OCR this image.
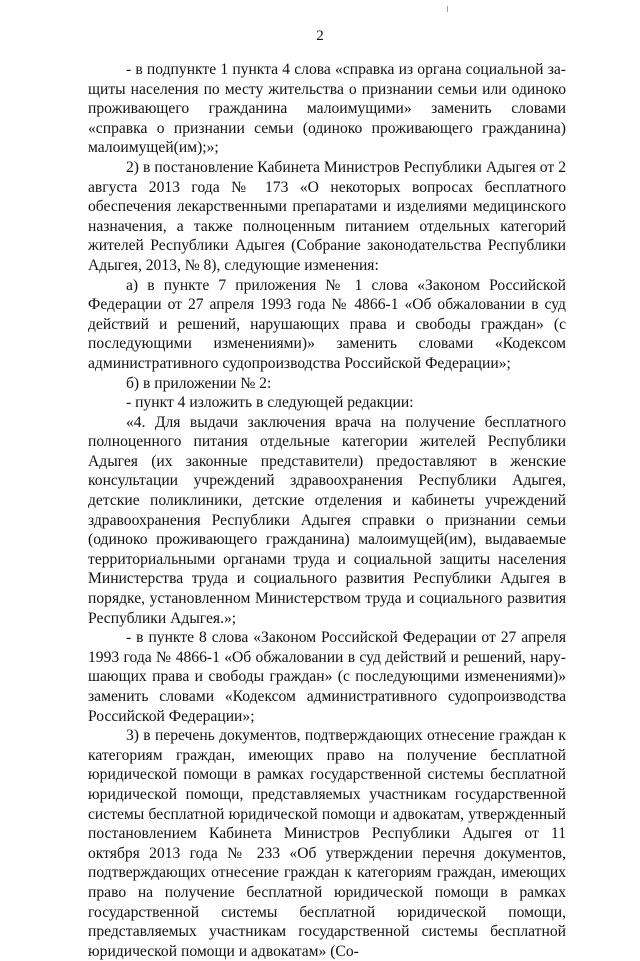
2

- в подпункте 1 пункта 4 слова «справка из органа социальной защиты населения по месту жительства о признании семьи или одиноко проживающего гражданина малоимущими» заменить словами «справка о признании семьи (одиноко проживающего гражданина) малоимущей(им);»;

2) в постановление Кабинета Министров Республики Адыгея от 2 августа 2013 года № 173 «О некоторых вопросах бесплатного обеспечения лекарственными препаратами и изделиями медицинского назначения, а также полноценным питанием отдельных категорий жителей Республики Адыгея (Собрание законодательства Республики Адыгея, 2013, № 8), следующие изменения:

а) в пункте 7 приложения № 1 слова «Законом Российской Федерации от 27 апреля 1993 года № 4866-1 «Об обжаловании в суд действий и решений, нарушающих права и свободы граждан» (с последующими изменениями)» заменить словами «Кодексом административного судопроизводства Российской Федерации»;

б) в приложении № 2:

- пункт 4 изложить в следующей редакции:

«4. Для выдачи заключения врача на получение бесплатного полноценного питания отдельные категории жителей Республики Адыгея (их законные представители) предоставляют в женские консультации учреждений здравоохранения Республики Адыгея, детские поликлиники, детские отделения и кабинеты учреждений здравоохранения Республики Адыгея справки о признании семьи (одиноко проживающего гражданина) малоимущей(им), выдаваемые территориальными органами труда и социальной защиты населения Министерства труда и социального развития Республики Адыгея в порядке, установленном Министерством труда и социального развития Республики Адыгея.»;

- в пункте 8 слова «Законом Российской Федерации от 27 апреля 1993 года № 4866-1 «Об обжаловании в суд действий и решений, нарушающих права и свободы граждан» (с последующими изменениями)» заменить словами «Кодексом административного судопроизводства Российской Федерации»;

3) в перечень документов, подтверждающих отнесение граждан к категориям граждан, имеющих право на получение бесплатной юридической помощи в рамках государственной системы бесплатной юридической помощи, представляемых участникам государственной системы бесплатной юридической помощи и адвокатам, утвержденный постановлением Кабинета Министров Республики Адыгея от 11 октября 2013 года № 233 «Об утверждении перечня документов, подтверждающих отнесение граждан к категориям граждан, имеющих право на получение бесплатной юридической помощи в рамках государственной системы бесплатной юридической помощи, представляемых участникам государственной системы бесплатной юридической помощи и адвокатам» (Со-
